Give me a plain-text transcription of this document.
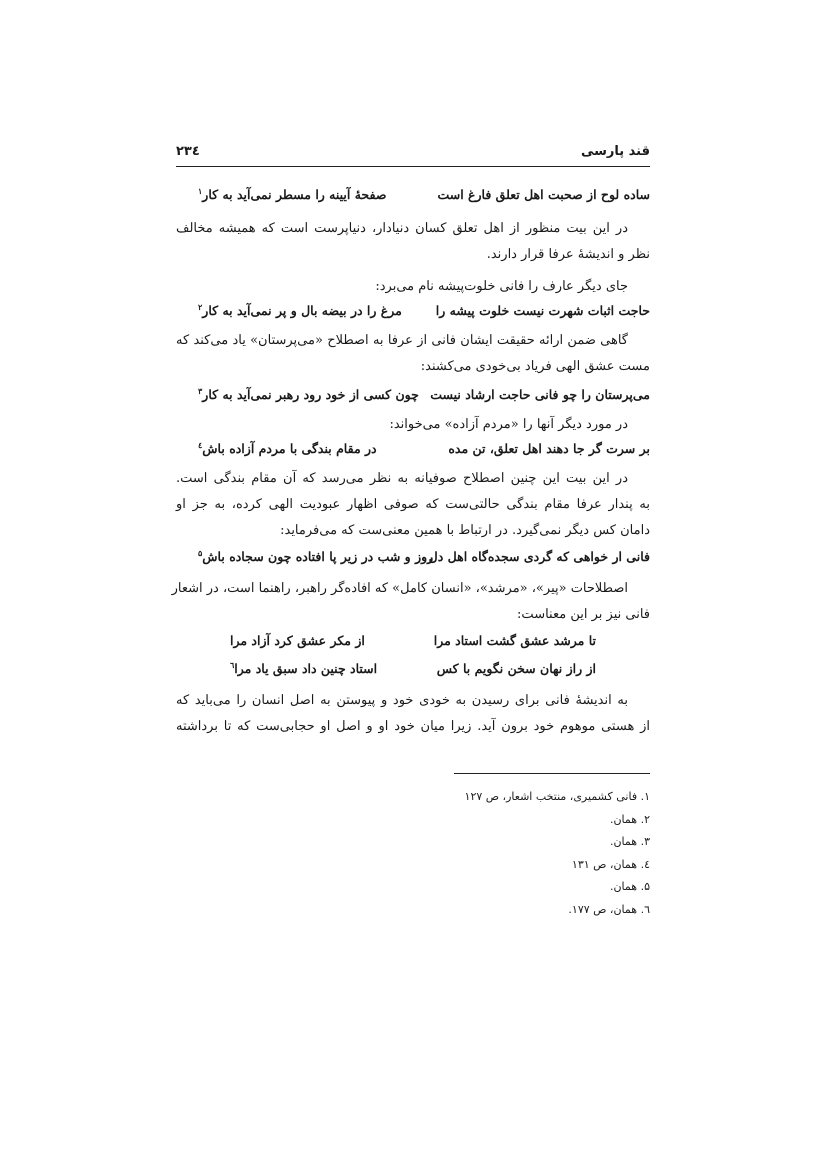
قند پارسی
۲۳٤
ساده لوح از صحبت اهل تعلق فارغ است
صفحهٔ آیینه را مسطر نمی‌آید به کار$^۱$
در این بیت منظور از اهل تعلق کسان دنیادار، دنیاپرست است که همیشه مخالف
نظر و اندیشهٔ عرفا قرار دارند.
جای دیگر عارف را فانی خلوت‌پیشه نام می‌برد:
حاجت اثبات شهرت نیست خلوت پیشه را
مرغ را در بیضه بال و پر نمی‌آید به کار$^۲$
گاهی ضمن ارائه حقیقت ایشان فانی از عرفا به اصطلاح «می‌پرستان» یاد می‌کند که
مست عشق الهی فریاد بی‌خودی می‌کشند:
می‌پرستان را چو فانی حاجت ارشاد نیست
چون کسی از خود رود رهبر نمی‌آید به کار$^۳$
در مورد دیگر آنها را «مردم آزاده» می‌خواند:
بر سرت گر جا دهند اهل تعلق، تن مده
در مقام بندگی با مردم آزاده باش$^٤$
در این بیت این چنین اصطلاح صوفیانه به نظر می‌رسد که آن مقام بندگی است.
به پندار عرفا مقام بندگی حالتی‌ست که صوفی اظهار عبودیت الهی کرده، به جز او
دامان کس دیگر نمی‌گیرد. در ارتباط با همین معنی‌ست که می‌فرماید:
فانی ار خواهی که گردی سجده‌گاه اهل دل
روز و شب در زیر پا افتاده چون سجاده باش$^۵$
اصطلاحات «پیر»، «مرشد»، «انسان کامل» که افاده‌گر راهبر، راهنما است، در اشعار
فانی نیز بر این معناست:
تا مرشد عشق گشت استاد مرا
از مکر عشق کرد آزاد مرا
از راز نهان سخن نگویم با کس
استاد چنین داد سبق یاد مرا$^٦$
به اندیشهٔ فانی برای رسیدن به خودی خود و پیوستن به اصل انسان را می‌باید که
از هستی موهوم خود برون آید. زیرا میان خود او و اصل او حجابی‌ست که تا برداشته
۱. فانی کشمیری، منتخب اشعار، ص ۱۲۷
۲. همان.
۳. همان.
٤. همان، ص ۱۳۱
۵. همان.
٦. همان، ص ۱۷۷.
